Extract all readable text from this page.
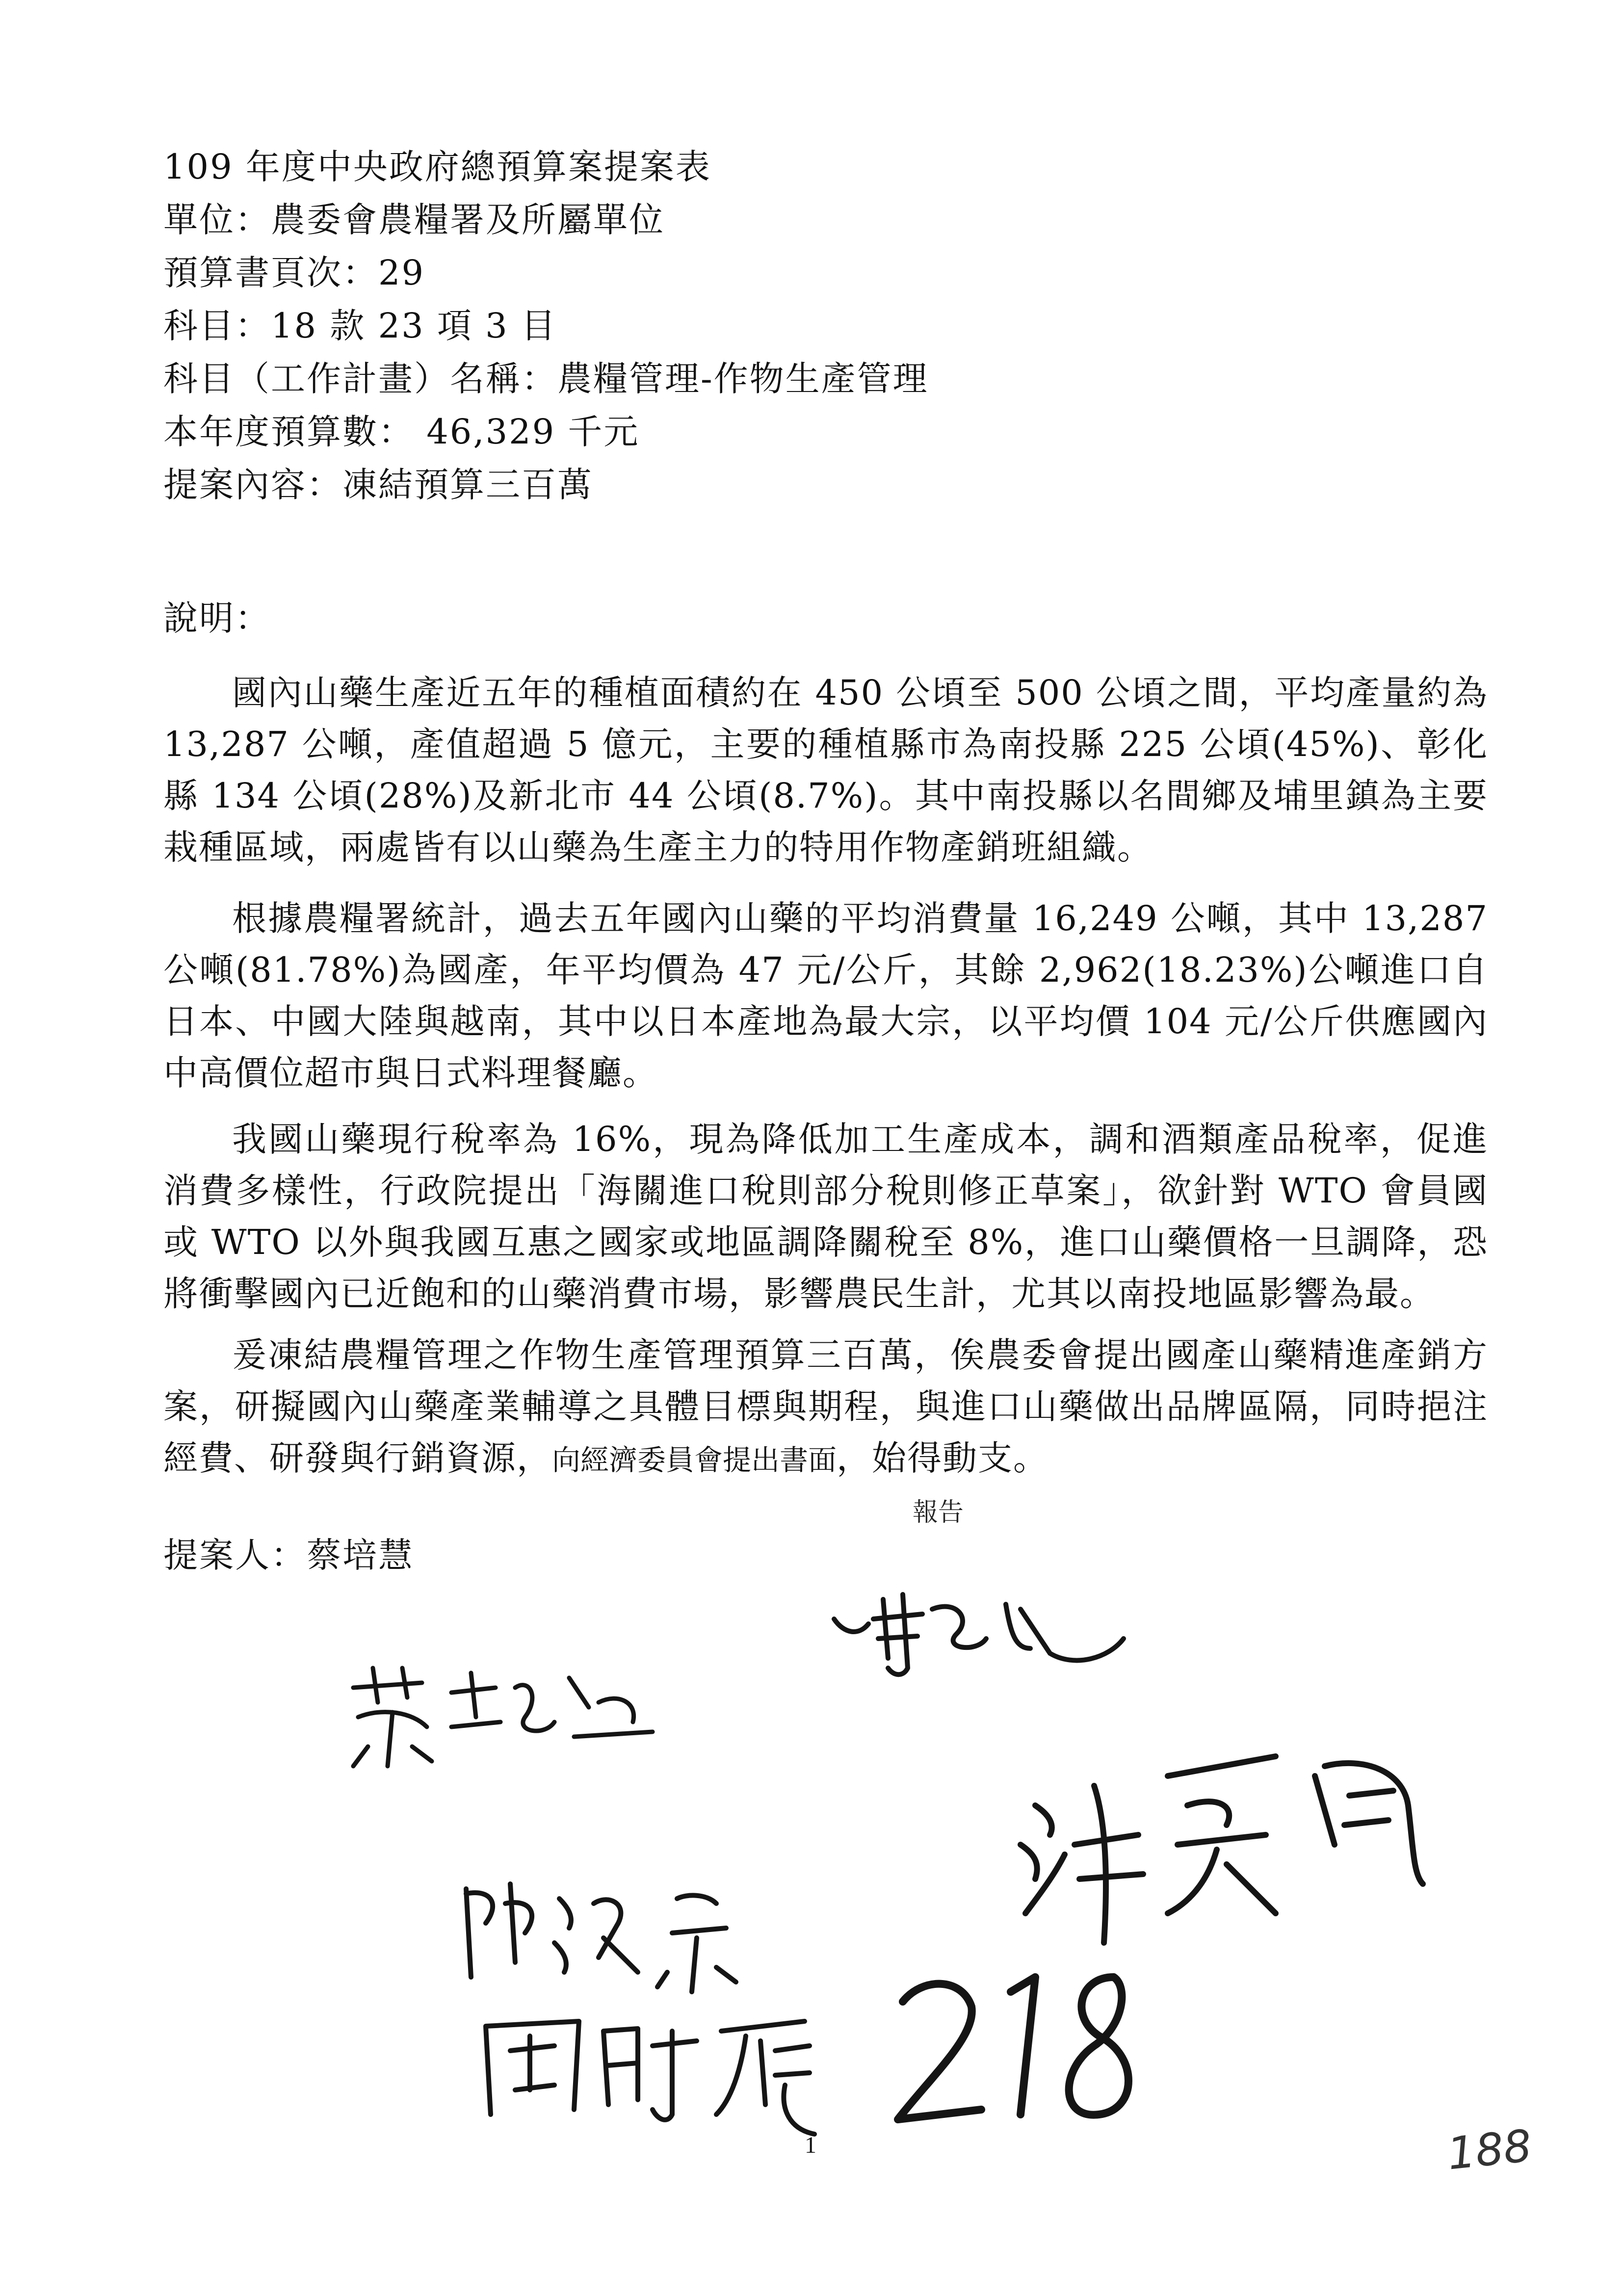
109 年度中央政府總預算案提案表
單位：農委會農糧署及所屬單位
預算書頁次：29
科目：18 款 23 項 3 目
科目（工作計畫）名稱：農糧管理-作物生產管理
本年度預算數： 46,329 千元
提案內容：凍結預算三百萬
說明：
國內山藥生產近五年的種植面積約在 450 公頃至 500 公頃之間，平均產量約為 13,287 公噸，產值超過 5 億元，主要的種植縣市為南投縣 225 公頃(45%)、彰化縣 134 公頃(28%)及新北市 44 公頃(8.7%)。其中南投縣以名間鄉及埔里鎮為主要栽種區域，兩處皆有以山藥為生產主力的特用作物產銷班組織。
根據農糧署統計，過去五年國內山藥的平均消費量 16,249 公噸，其中 13,287 公噸(81.78%)為國產，年平均價為 47 元/公斤，其餘 2,962(18.23%)公噸進口自日本、中國大陸與越南，其中以日本產地為最大宗，以平均價 104 元/公斤供應國內中高價位超市與日式料理餐廳。
我國山藥現行稅率為 16%，現為降低加工生產成本，調和酒類產品稅率，促進消費多樣性，行政院提出「海關進口稅則部分稅則修正草案」，欲針對 WTO 會員國或 WTO 以外與我國互惠之國家或地區調降關稅至 8%，進口山藥價格一旦調降，恐將衝擊國內已近飽和的山藥消費市場，影響農民生計，尤其以南投地區影響為最。
爰凍結農糧管理之作物生產管理預算三百萬，俟農委會提出國產山藥精進產銷方案，研擬國內山藥產業輔導之具體目標與期程，與進口山藥做出品牌區隔，同時挹注經費、研發與行銷資源，向經濟委員會提出書面，始得動支。
報告
提案人：蔡培慧
2
1	188
